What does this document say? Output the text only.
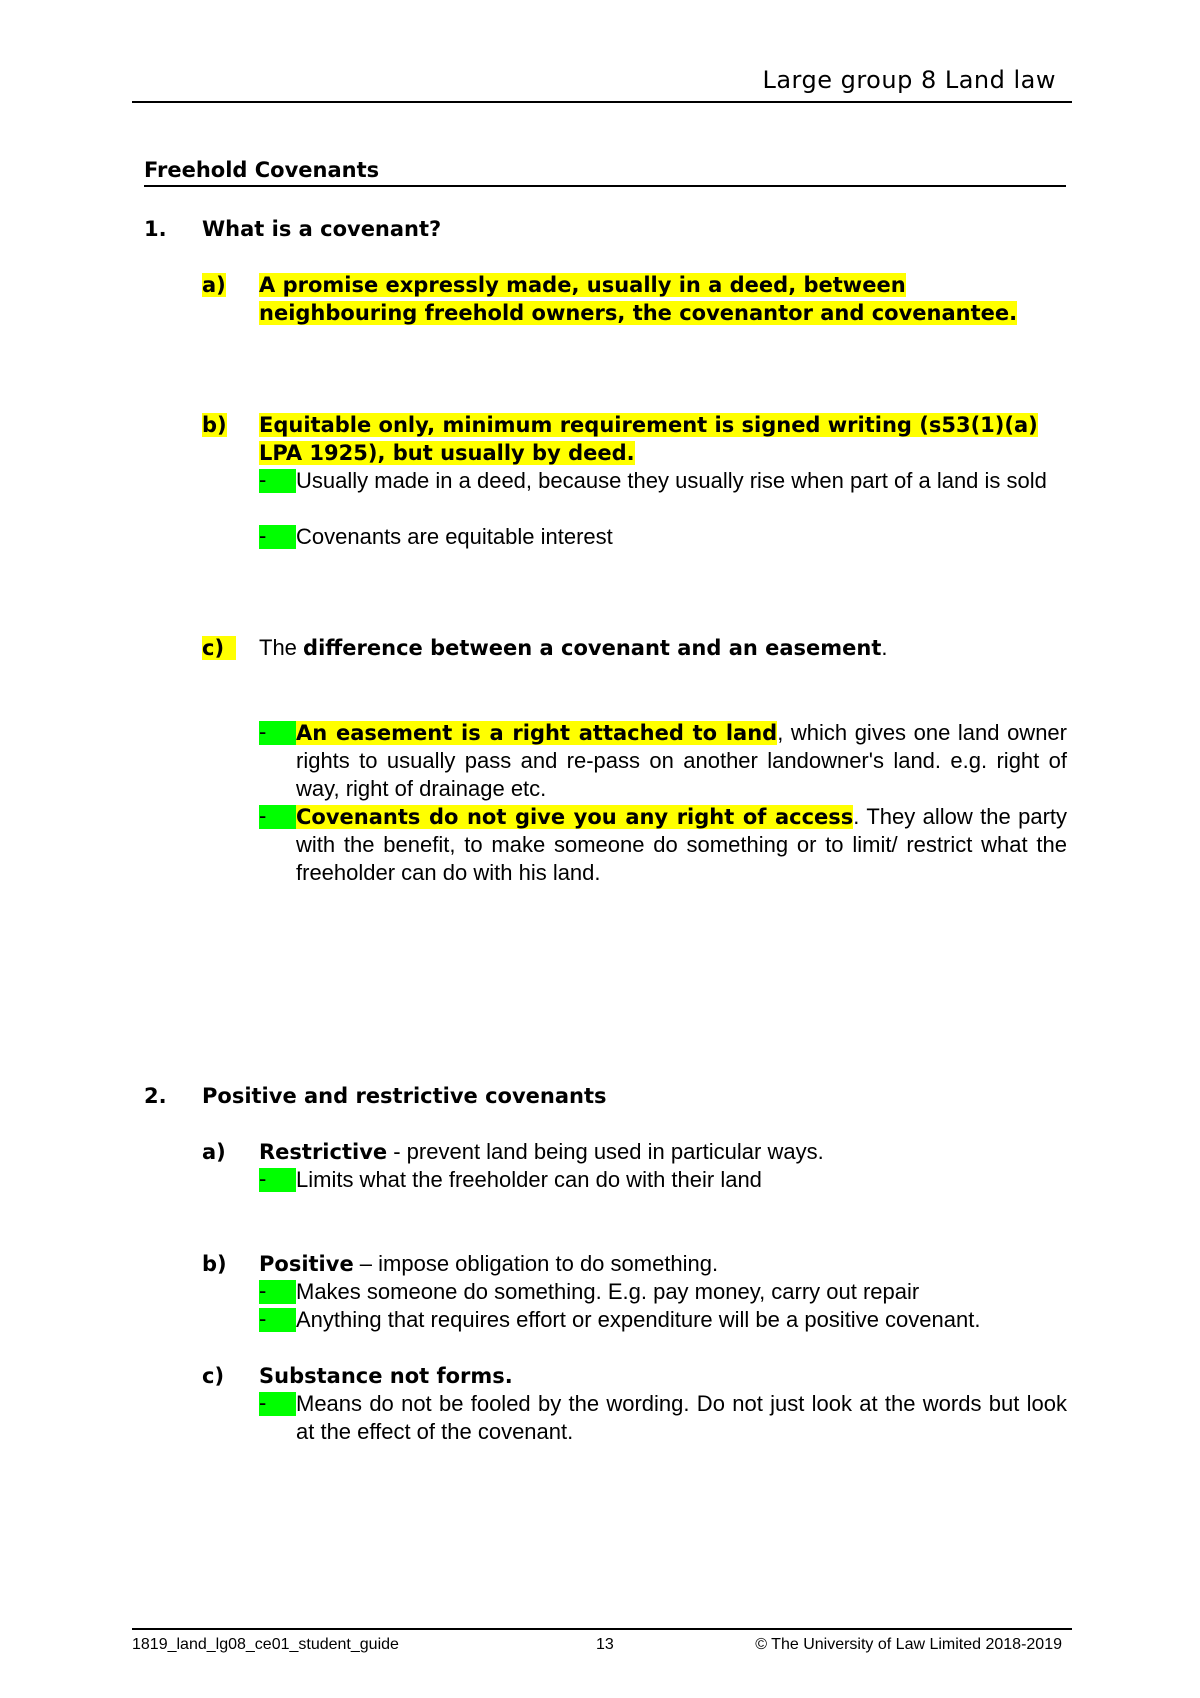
Large group 8 Land law
Freehold Covenants
1. What is a covenant?
a) A promise expressly made, usually in a deed, between neighbouring freehold owners, the covenantor and covenantee.
b) Equitable only, minimum requirement is signed writing (s53(1)(a) LPA 1925), but usually by deed.
-	Usually made in a deed, because they usually rise when part of a land is sold
-	Covenants are equitable interest
c)	The difference between a covenant and an easement.
-	An easement is a right attached to land, which gives one land owner rights to usually pass and re-pass on another landowner's land. e.g. right of way, right of drainage etc.
-	Covenants do not give you any right of access. They allow the party with the benefit, to make someone do something or to limit/ restrict what the freeholder can do with his land.
2. Positive and restrictive covenants
a) Restrictive - prevent land being used in particular ways.
-	Limits what the freeholder can do with their land
b) Positive – impose obligation to do something.
-	Makes someone do something. E.g. pay money, carry out repair
-	Anything that requires effort or expenditure will be a positive covenant.
c) Substance not forms.
-	Means do not be fooled by the wording. Do not just look at the words but look at the effect of the covenant.
1819_land_lg08_ce01_student_guide	13	© The University of Law Limited 2018-2019
